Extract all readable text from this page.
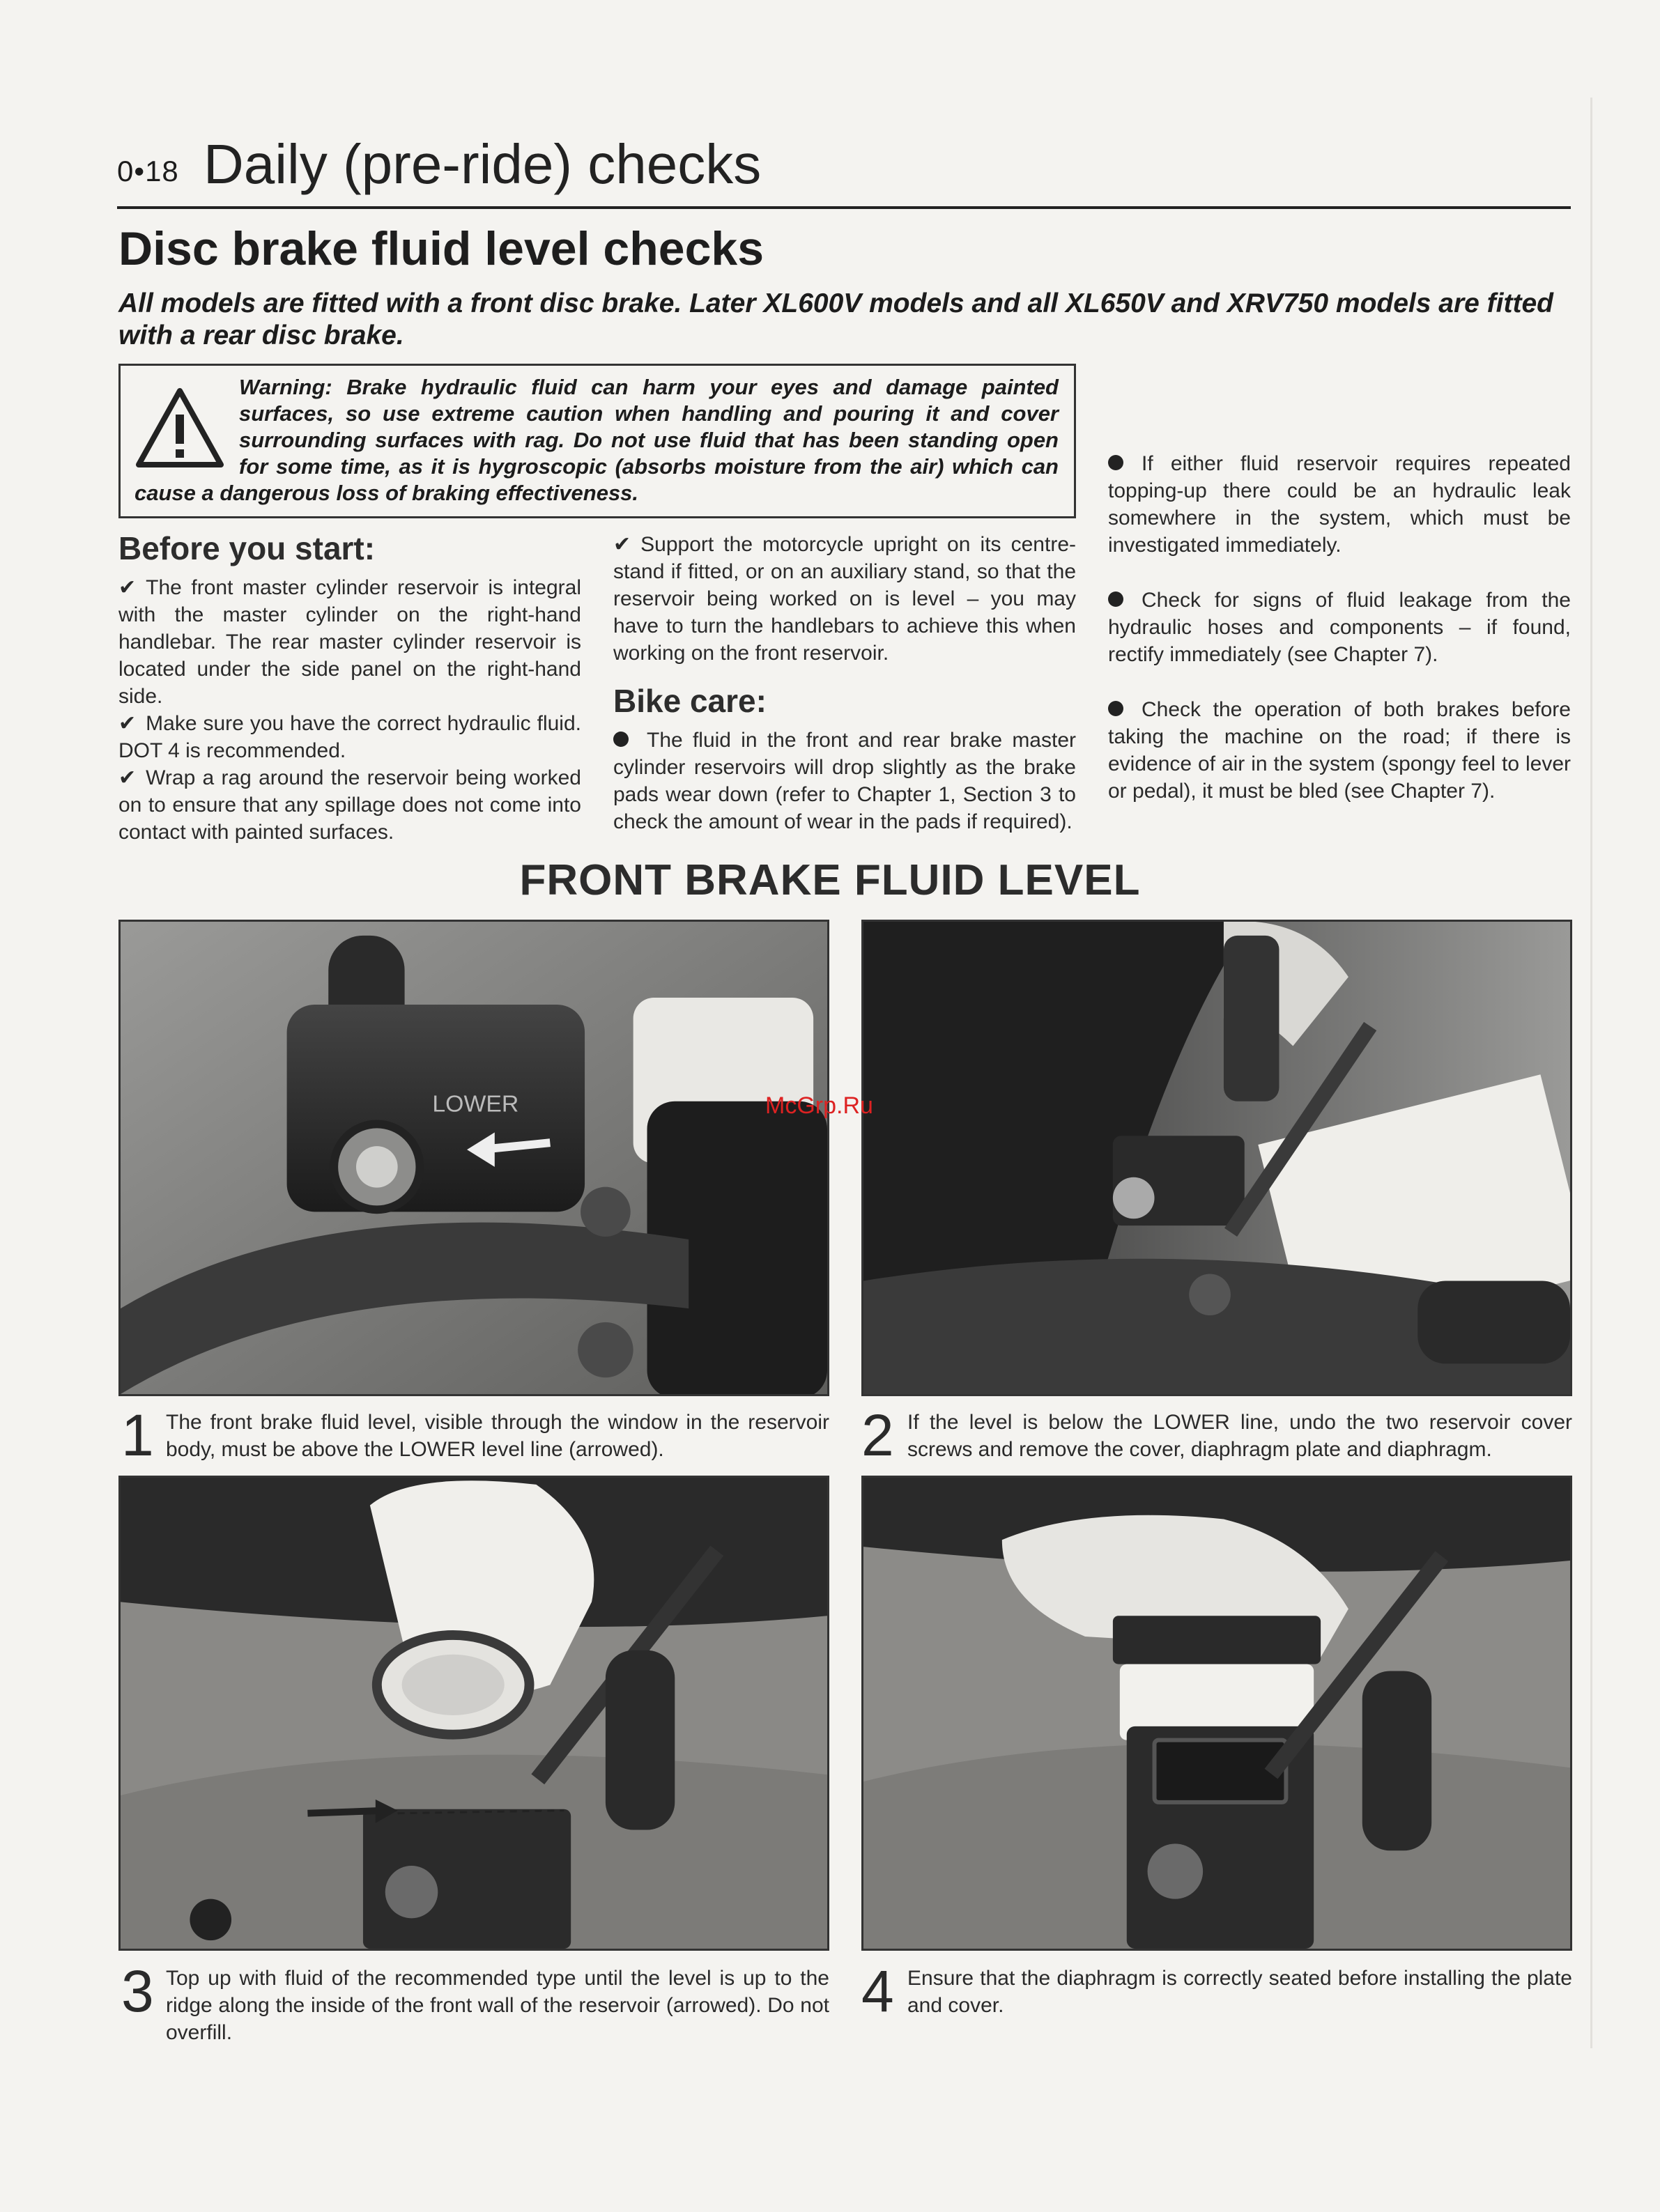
0•18 Daily (pre-ride) checks
Disc brake fluid level checks
All models are fitted with a front disc brake. Later XL600V models and all XL650V and XRV750 models are fitted with a rear disc brake.
Warning: Brake hydraulic fluid can harm your eyes and damage painted surfaces, so use extreme caution when handling and pouring it and cover surrounding surfaces with rag. Do not use fluid that has been standing open for some time, as it is hygroscopic (absorbs moisture from the air) which can cause a dangerous loss of braking effectiveness.
Before you start:

✔ The front master cylinder reservoir is integral with the master cylinder on the right-hand handlebar. The rear master cylinder reservoir is located under the side panel on the right-hand side.

✔ Make sure you have the correct hydraulic fluid. DOT 4 is recommended.

✔ Wrap a rag around the reservoir being worked on to ensure that any spillage does not come into contact with painted surfaces.

✔ Support the motorcycle upright on its centre-stand if fitted, or on an auxiliary stand, so that the reservoir being worked on is level – you may have to turn the handlebars to achieve this when working on the front reservoir.

Bike care:

The fluid in the front and rear brake master cylinder reservoirs will drop slightly as the brake pads wear down (refer to Chapter 1, Section 3 to check the amount of wear in the pads if required).

If either fluid reservoir requires repeated topping-up there could be an hydraulic leak somewhere in the system, which must be investigated immediately.

Check for signs of fluid leakage from the hydraulic hoses and components – if found, rectify immediately (see Chapter 7).

Check the operation of both brakes before taking the machine on the road; if there is evidence of air in the system (spongy feel to lever or pedal), it must be bled (see Chapter 7).

FRONT BRAKE FLUID LEVEL
LOWER
1 The front brake fluid level, visible through the window in the reservoir body, must be above the LOWER level line (arrowed).	2 If the level is below the LOWER line, undo the two reservoir cover screws and remove the cover, diaphragm plate and diaphragm.
3 Top up with fluid of the recommended type until the level is up to the ridge along the inside of the front wall of the reservoir (arrowed). Do not overfill.
4 Ensure that the diaphragm is correctly seated before installing the plate and cover.
McGrp.Ru
